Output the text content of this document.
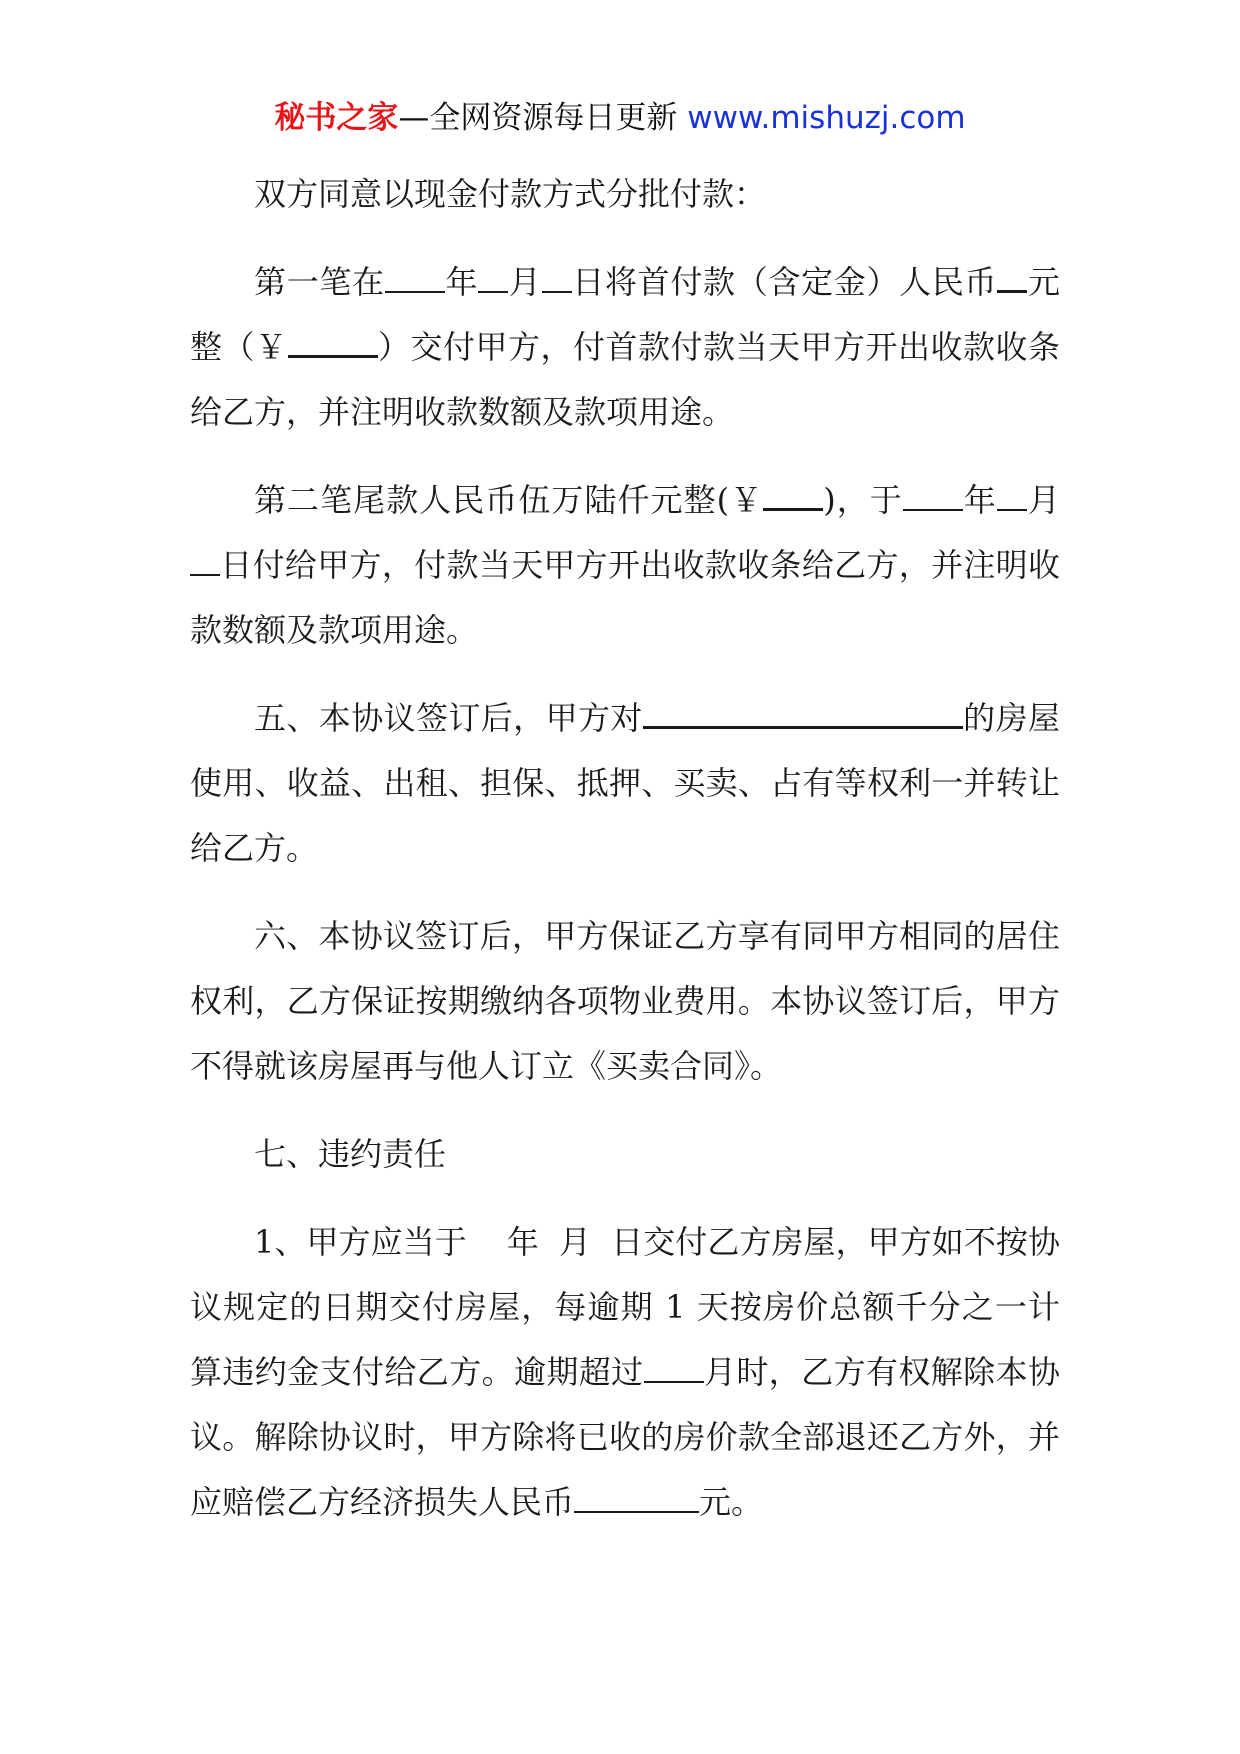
秘书之家—全网资源每日更新 www.mishuzj.com

双方同意以现金付款方式分批付款：

第一笔在 年 月 日将首付款（含定金）人民币 元整（￥	）交付甲方，付首款付款当天甲方开出收款收条给乙方，并注明收款数额及款项用途。

第二笔尾款人民币伍万陆仟元整(￥ )，于 年 月日付给甲方，付款当天甲方开出收款收条给乙方，并注明收款数额及款项用途。

五、本协议签订后，甲方对	的房屋使用、收益、出租、担保、抵押、买卖、占有等权利一并转让给乙方。

六、本协议签订后，甲方保证乙方享有同甲方相同的居住权利，乙方保证按期缴纳各项物业费用。本协议签订后，甲方不得就该房屋再与他人订立《买卖合同》。

七、违约责任

1、甲方应当于 年 月 日交付乙方房屋，甲方如不按协议规定的日期交付房屋，每逾期 1 天按房价总额千分之一计算违约金支付给乙方。逾期超过 月时，乙方有权解除本协议。解除协议时，甲方除将已收的房价款全部退还乙方外，并应赔偿乙方经济损失人民币	元。
